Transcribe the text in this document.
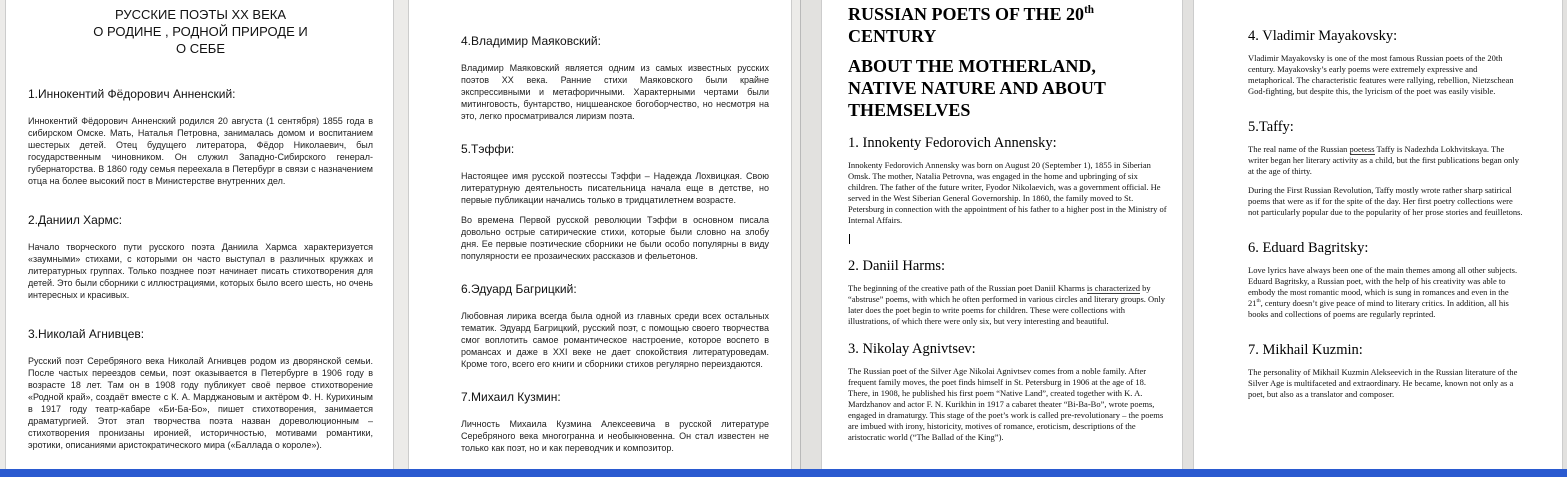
РУССКИЕ ПОЭТЫ XX ВЕКА
О РОДИНЕ , РОДНОЙ ПРИРОДЕ И
О СЕБЕ
1.Иннокентий Фёдорович Анненский:

Иннокентий Фёдорович Анненский родился 20 августа (1 сентября) 1855 года в сибирском Омске. Мать, Наталья Петровна, занималась домом и воспитанием шестерых детей. Отец будущего литератора, Фёдор Николаевич, был государственным чиновником. Он служил Западно-Сибирского генерал-губернаторства. В 1860 году семья переехала в Петербург в связи с назначением отца на более высокий пост в Министерстве внутренних дел.

2.Даниил Хармс:

Начало творческого пути русского поэта Даниила Хармса характеризуется «заумными» стихами, с которыми он часто выступал в различных кружках и литературных группах. Только позднее поэт начинает писать стихотворения для детей. Это были сборники с иллюстрациями, которых было всего шесть, но очень интересных и красивых.

3.Николай Агнивцев:

Русский поэт Серебряного века Николай Агнивцев родом из дворянской семьи. После частых переездов семьи, поэт оказывается в Петербурге в 1906 году в возрасте 18 лет. Там он в 1908 году публикует своё первое стихотворение «Родной край», создаёт вместе с К. А. Марджановым и актёром Ф. Н. Курихиным в 1917 году театр-кабаре «Би-Ба-Бо», пишет стихотворения, занимается драматургией. Этот этап творчества поэта назван дореволюционным – стихотворения пронизаны иронией, историчностью, мотивами романтики, эротики, описаниями аристократического мира («Баллада о короле»).

4.Владимир Маяковский:

Владимир Маяковский является одним из самых известных русских поэтов XX века. Ранние стихи Маяковского были крайне экспрессивными и метафоричными. Характерными чертами были митинговость, бунтарство, ницшеанское богоборчество, но несмотря на это, легко просматривался лиризм поэта.

5.Тэффи:

Настоящее имя русской поэтессы Тэффи – Надежда Лохвицкая. Свою литературную деятельность писательница начала еще в детстве, но первые публикации начались только в тридцатилетнем возрасте.

Во времена Первой русской революции Тэффи в основном писала довольно острые сатирические стихи, которые были словно на злобу дня. Ее первые поэтические сборники не были особо популярны в виду популярности ее прозаических рассказов и фельетонов.

6.Эдуард Багрицкий:

Любовная лирика всегда была одной из главных среди всех остальных тематик. Эдуард Багрицкий, русский поэт, с помощью своего творчества смог воплотить самое романтическое настроение, которое воспето в романсах и даже в XXI веке не дает спокойствия литературоведам. Кроме того, всего его книги и сборники стихов регулярно переиздаются.

7.Михаил Кузмин:

Личность Михаила Кузмина Алексеевича в русской литературе Серебряного века многогранна и необыкновенна. Он стал известен не только как поэт, но и как переводчик и композитор.

RUSSIAN POETS OF THE 20th
CENTURY
ABOUT THE MOTHERLAND, NATIVE NATURE AND ABOUT THEMSELVES
1. Innokenty Fedorovich Annensky:

Innokenty Fedorovich Annensky was born on August 20 (September 1), 1855 in Siberian Omsk. The mother, Natalia Petrovna, was engaged in the home and upbringing of six children. The father of the future writer, Fyodor Nikolaevich, was a government official. He served in the West Siberian General Governorship. In 1860, the family moved to St. Petersburg in connection with the appointment of his father to a higher post in the Ministry of Internal Affairs.

2. Daniil Harms:

The beginning of the creative path of the Russian poet Daniil Kharms is characterized by “abstruse” poems, with which he often performed in various circles and literary groups. Only later does the poet begin to write poems for children. These were collections with illustrations, of which there were only six, but very interesting and beautiful.

3. Nikolay Agnivtsev:

The Russian poet of the Silver Age Nikolai Agnivtsev comes from a noble family. After frequent family moves, the poet finds himself in St. Petersburg in 1906 at the age of 18. There, in 1908, he published his first poem “Native Land”, created together with K. A. Mardzhanov and actor F. N. Kurikhin in 1917 a cabaret theater “Bi-Ba-Bo”, wrote poems, engaged in dramaturgy. This stage of the poet’s work is called pre-revolutionary – the poems are imbued with irony, historicity, motives of romance, eroticism, descriptions of the aristocratic world (“The Ballad of the King”).

4. Vladimir Mayakovsky:

Vladimir Mayakovsky is one of the most famous Russian poets of the 20th century. Mayakovsky’s early poems were extremely expressive and metaphorical. The characteristic features were rallying, rebellion, Nietzschean God-fighting, but despite this, the lyricism of the poet was easily visible.

5.Taffy:

The real name of the Russian poetess Taffy is Nadezhda Lokhvitskaya. The writer began her literary activity as a child, but the first publications began only at the age of thirty.

During the First Russian Revolution, Taffy mostly wrote rather sharp satirical poems that were as if for the spite of the day. Her first poetry collections were not particularly popular due to the popularity of her prose stories and feuilletons.

6. Eduard Bagritsky:

Love lyrics have always been one of the main themes among all other subjects. Eduard Bagritsky, a Russian poet, with the help of his creativity was able to embody the most romantic mood, which is sung in romances and even in the 21th, century doesn’t give peace of mind to literary critics. In addition, all his books and collections of poems are regularly reprinted.

7. Mikhail Kuzmin:

The personality of Mikhail Kuzmin Alekseevich in the Russian literature of the Silver Age is multifaceted and extraordinary. He became, known not only as a poet, but also as a translator and composer.
